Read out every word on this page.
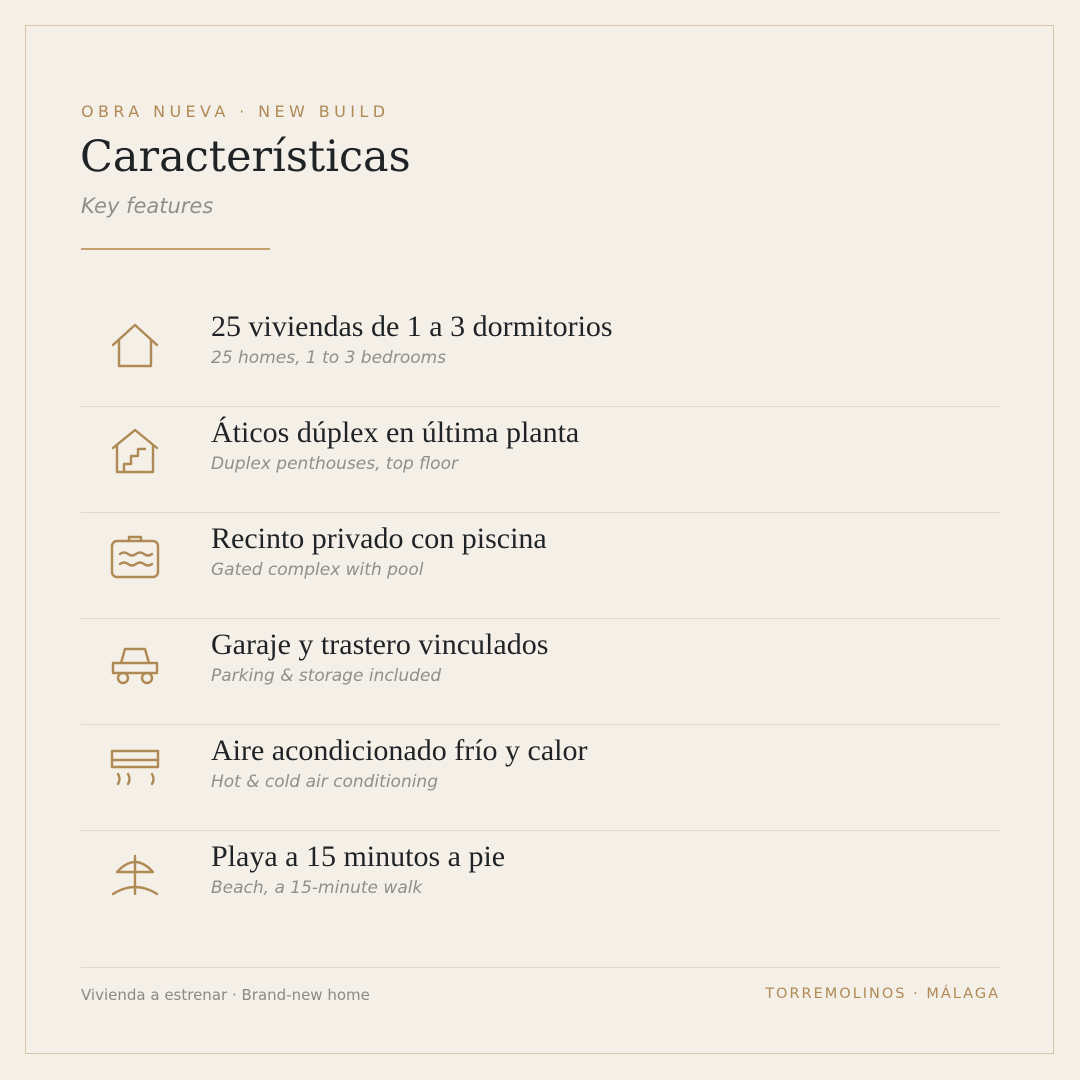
OBRA NUEVA · NEW BUILD
Características
Key features
25 viviendas de 1 a 3 dormitorios
25 homes, 1 to 3 bedrooms
Áticos dúplex en última planta
Duplex penthouses, top floor
Recinto privado con piscina
Gated complex with pool
Garaje y trastero vinculados
Parking & storage included
Aire acondicionado frío y calor
Hot & cold air conditioning
Playa a 15 minutos a pie
Beach, a 15-minute walk
Vivienda a estrenar · Brand-new home	TORREMOLINOS · MÁLAGA
